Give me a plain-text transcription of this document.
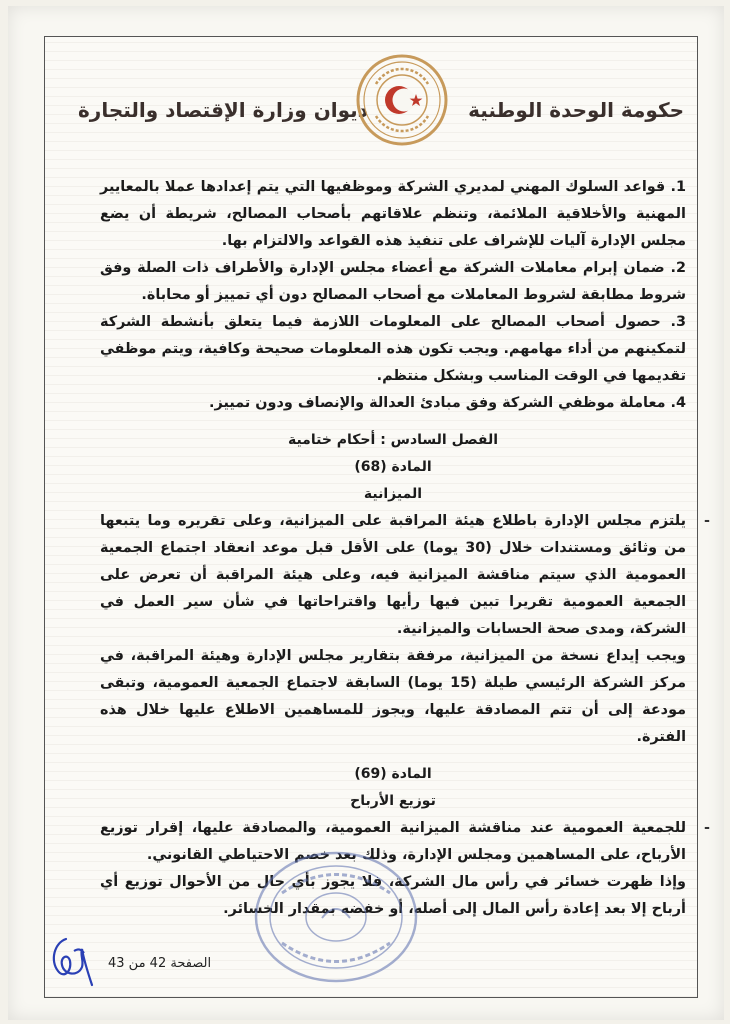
حكومة الوحدة الوطنية
ديوان وزارة الإقتصاد والتجارة

1. قواعد السلوك المهني لمديري الشركة وموظفيها التي يتم إعدادها عملا بالمعايير المهنية والأخلاقية الملائمة، وتنظم علاقاتهم بأصحاب المصالح، شريطة أن يضع مجلس الإدارة آليات للإشراف على تنفيذ هذه القواعد والالتزام بها.

2. ضمان إبرام معاملات الشركة مع أعضاء مجلس الإدارة والأطراف ذات الصلة وفق شروط مطابقة لشروط المعاملات مع أصحاب المصالح دون أي تمييز أو محاباة.

3. حصول أصحاب المصالح على المعلومات اللازمة فيما يتعلق بأنشطة الشركة لتمكينهم من أداء مهامهم. ويجب تكون هذه المعلومات صحيحة وكافية، ويتم موظفي تقديمها في الوقت المناسب وبشكل منتظم.

4. معاملة موظفي الشركة وفق مبادئ العدالة والإنصاف ودون تمييز.

الفصل السادس : أحكام ختامية

المادة (68)

الميزانية

- يلتزم مجلس الإدارة باطلاع هيئة المراقبة على الميزانية، وعلى تقريره وما يتبعها من وثائق ومستندات خلال (30 يوما) على الأقل قبل موعد انعقاد اجتماع الجمعية العمومية الذي سيتم مناقشة الميزانية فيه، وعلى هيئة المراقبة أن تعرض على الجمعية العمومية تقريرا تبين فيها رأيها واقتراحاتها في شأن سير العمل في الشركة، ومدى صحة الحسابات والميزانية.

ويجب إيداع نسخة من الميزانية، مرفقة بتقارير مجلس الإدارة وهيئة المراقبة، في مركز الشركة الرئيسي طيلة (15 يوما) السابقة لاجتماع الجمعية العمومية، وتبقى مودعة إلى أن تتم المصادقة عليها، ويجوز للمساهمين الاطلاع عليها خلال هذه الفترة.

المادة (69)

توزيع الأرباح

- للجمعية العمومية عند مناقشة الميزانية العمومية، والمصادقة عليها، إقرار توزيع الأرباح، على المساهمين ومجلس الإدارة، وذلك بعد خصم الاحتياطي القانوني.

وإذا ظهرت خسائر في رأس مال الشركة، فلا يجوز بأي حال من الأحوال توزيع أي أرباح إلا بعد إعادة رأس المال إلى أصله، أو خفضه بمقدار الخسائر.

الصفحة 42 من 43
